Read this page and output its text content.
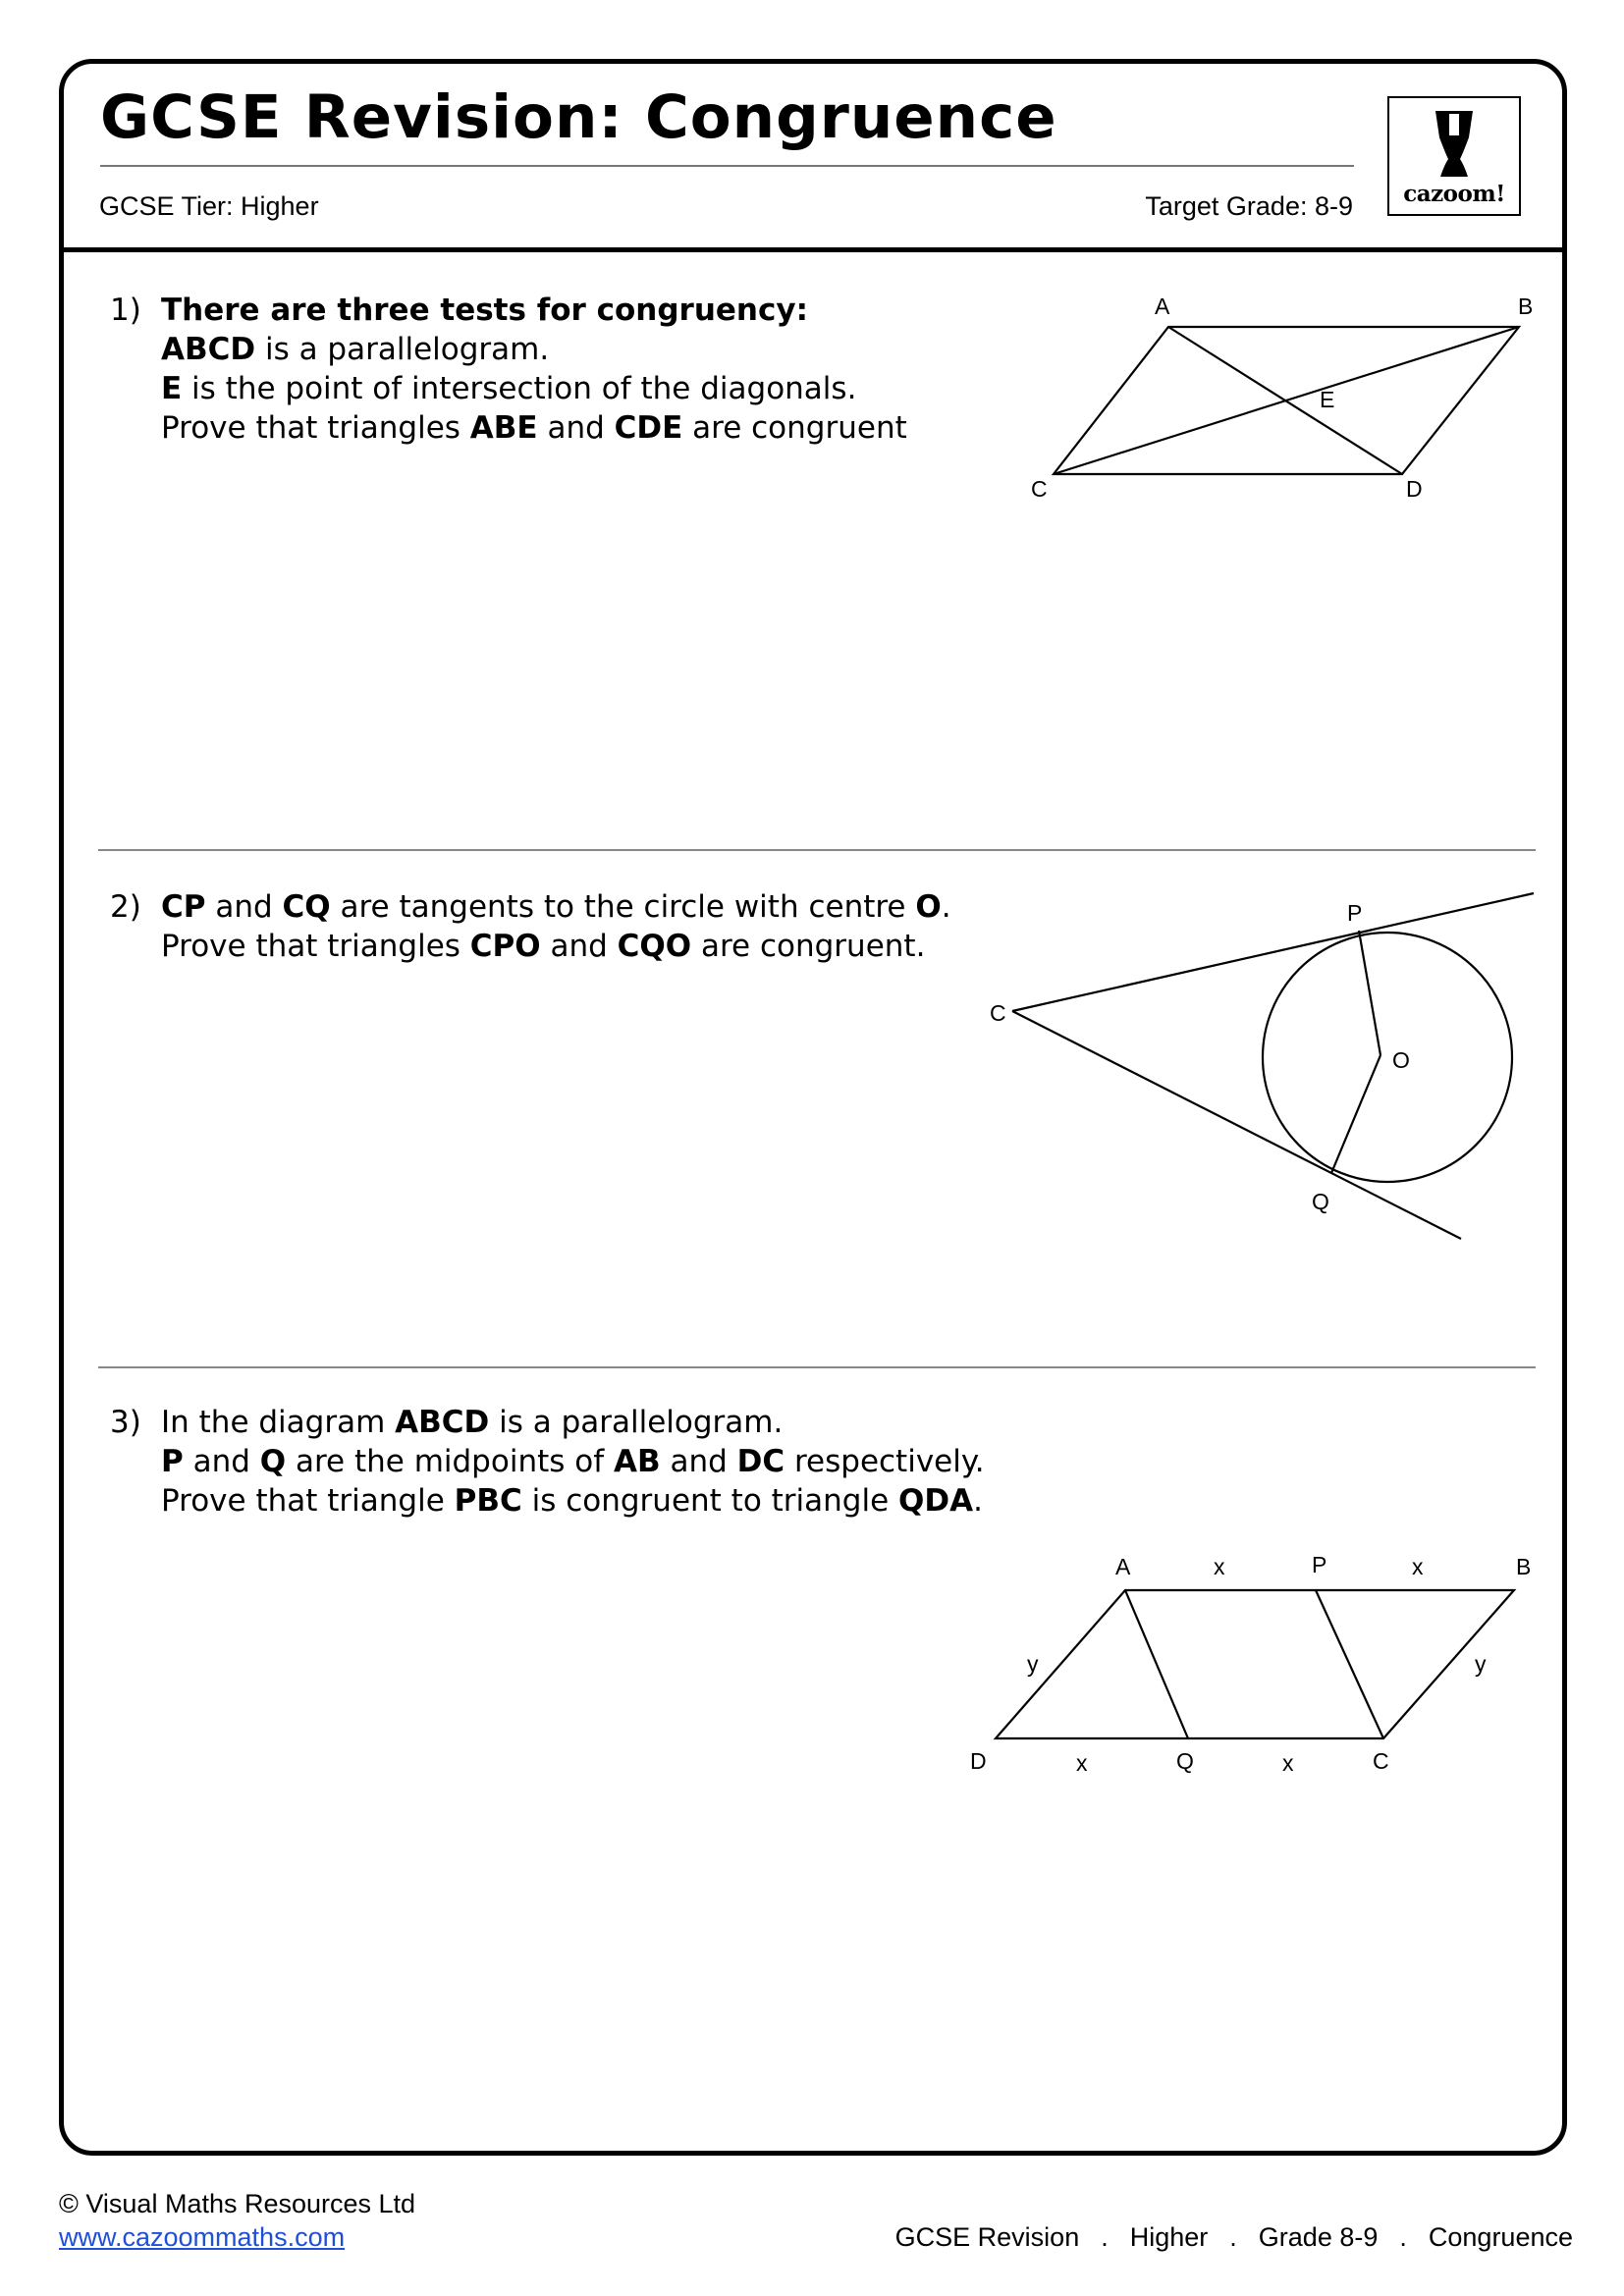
GCSE Revision: Congruence
GCSE Tier: Higher	Target Grade: 8-9	cazoom!
1) There are three tests for congruency:
ABCD is a parallelogram.
E is the point of intersection of the diagonals.
Prove that triangles ABE and CDE are congruent
A	B
C	D
E
2) CP and CQ are tangents to the circle with centre O.
Prove that triangles CPO and CQO are congruent.
P
C
O
Q
3) In the diagram ABCD is a parallelogram.
P and Q are the midpoints of AB and DC respectively.
Prove that triangle PBC is congruent to triangle QDA.
A	x	P	x	B
y	y
D	x	Q	x	C
© Visual Maths Resources Ltd
www.cazoommaths.com	GCSE Revision . Higher . Grade 8-9 . Congruence
